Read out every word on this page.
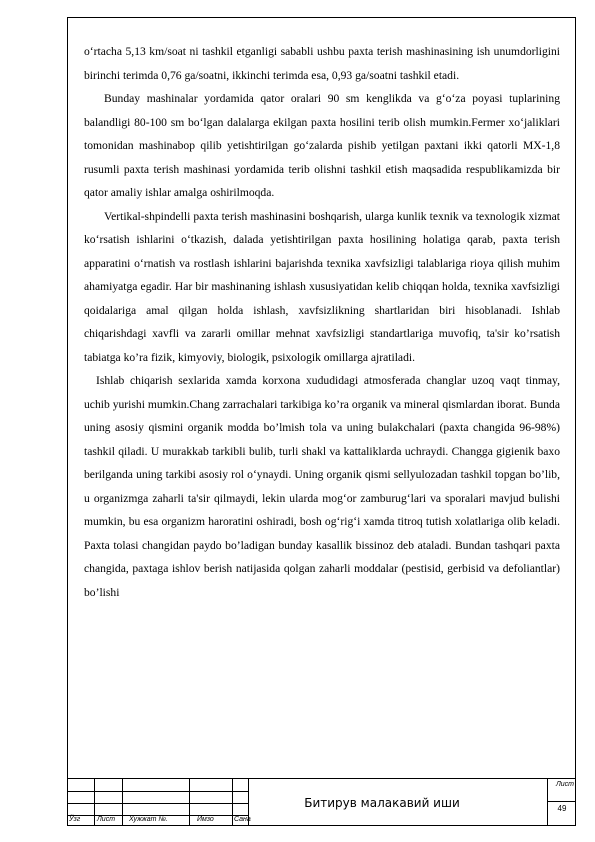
o‘rtacha 5,13 km/soat ni tashkil etganligi sababli ushbu paxta terish mashinasining ish unumdorligini birinchi terimda 0,76 ga/soatni, ikkinchi terimda esa, 0,93 ga/soatni tashkil etadi.

Bunday mashinalar yordamida qator oralari 90 sm kenglikda va g‘o‘za poyasi tuplarining balandligi 80-100 sm bo‘lgan dalalarga ekilgan paxta hosilini terib olish mumkin.Fermer xo‘jaliklari tomonidan mashinabop qilib yetishtirilgan go‘zalarda pishib yetilgan paxtani ikki qatorli MX-1,8 rusumli paxta terish mashinasi yordamida terib olishni tashkil etish maqsadida respublikamizda bir qator amaliy ishlar amalga oshirilmoqda.

Vertikal-shpindelli paxta terish mashinasini boshqarish, ularga kunlik texnik va texnologik xizmat ko‘rsatish ishlarini o‘tkazish, dalada yetishtirilgan paxta hosilining holatiga qarab, paxta terish apparatini o‘rnatish va rostlash ishlarini bajarishda texnika xavfsizligi talablariga rioya qilish muhim ahamiyatga egadir. Har bir mashinaning ishlash xususiyatidan kelib chiqqan holda, texnika xavfsizligi qoidalariga amal qilgan holda ishlash, xavfsizlikning shartlaridan biri hisoblanadi. Ishlab chiqarishdagi xavfli va zararli omillar mehnat xavfsizligi standartlariga muvofiq, ta'sir ko’rsatish tabiatga ko’ra fizik, kimyoviy, biologik, psixologik omillarga ajratiladi.

Ishlab chiqarish sexlarida xamda korxona xududidagi atmosferada changlar uzoq vaqt tinmay, uchib yurishi mumkin.Chang zarrachalari tarkibiga ko’ra organik va mineral qismlardan iborat. Bunda uning asosiy qismini organik modda bo’lmish tola va uning bulakchalari (paxta changida 96-98%) tashkil qiladi. U murakkab tarkibli bulib, turli shakl va kattaliklarda uchraydi. Changga gigienik baxo berilganda uning tarkibi asosiy rol o‘ynaydi. Uning organik qismi sellyulozadan tashkil topgan bo’lib, u organizmga zaharli ta'sir qilmaydi, lekin ularda mog‘or zamburug‘lari va sporalari mavjud bulishi mumkin, bu esa organizm haroratini oshiradi, bosh og‘rig‘i xamda titroq tutish xolatlariga olib keladi. Paxta tolasi changidan paydo bo’ladigan bunday kasallik bissinoz deb ataladi. Bundan tashqari paxta changida, paxtaga ishlov berish natijasida qolgan zaharli moddalar (pestisid, gerbisid va defoliantlar) bo’lishi

Ўзг Лист Хужжат №.	Имзо	Сана
Битирув малакавий иши
Лист
49
